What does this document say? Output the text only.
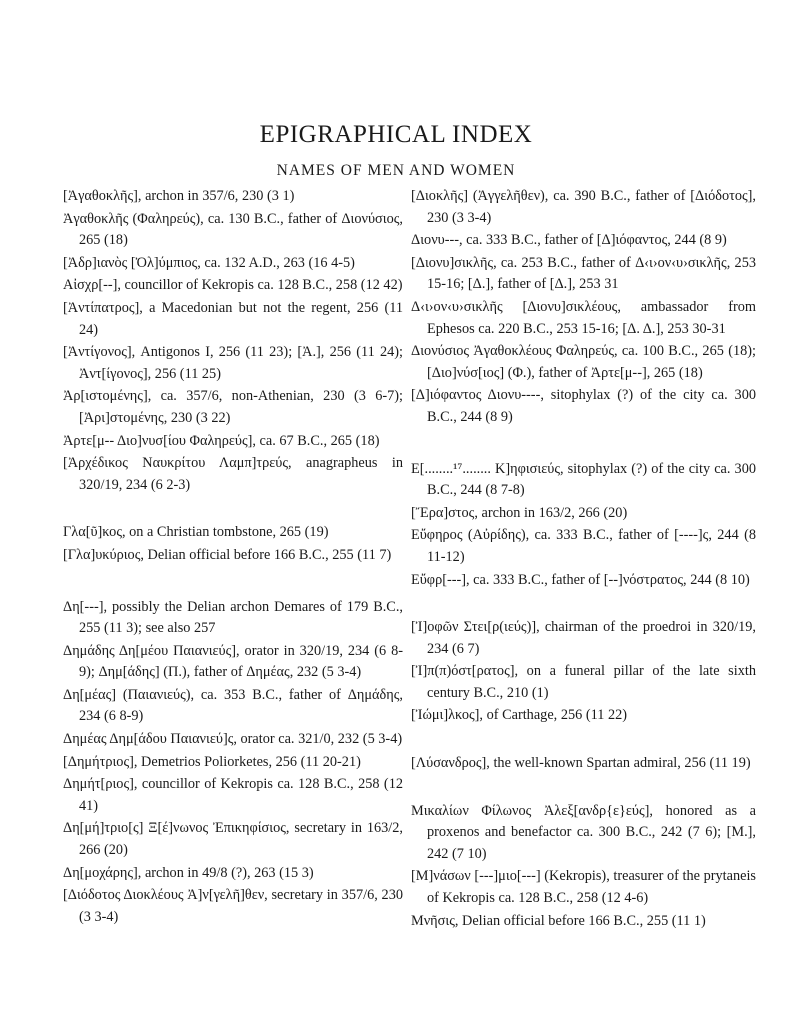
EPIGRAPHICAL INDEX
NAMES OF MEN AND WOMEN

[Ἀγαθοκλῆς], archon in 357/6, 230 (3 1)

Ἀγαθοκλῆς (Φαληρεύς), ca. 130 B.C., father of Διονύσιος, 265 (18)

[Ἀδρ]ιανὸς [Ὀλ]ύμπιος, ca. 132 A.D., 263 (16 4-5)

Αἰσχρ[--], councillor of Kekropis ca. 128 B.C., 258 (12 42)

[Ἀντίπατρος], a Macedonian but not the regent, 256 (11 24)

[Ἀντίγονος], Antigonos I, 256 (11 23); [Ἀ.], 256 (11 24); Ἀντ[ίγονος], 256 (11 25)

Ἀρ[ιστομένης], ca. 357/6, non-Athenian, 230 (3 6-7); [Ἀρι]στομένης, 230 (3 22)

Ἀρτε[μ-- Διο]νυσ[ίου Φαληρεύς], ca. 67 B.C., 265 (18)

[Ἀρχέδικος Ναυκρίτου Λαμπ]τρεύς, anagrapheus in 320/19, 234 (6 2-3)

Γλα[ῦ]κος, on a Christian tombstone, 265 (19)

[Γλα]υκύριος, Delian official before 166 B.C., 255 (11 7)

Δη[---], possibly the Delian archon Demares of 179 B.C., 255 (11 3); see also 257

Δημάδης Δη[μέου Παιανιεύς], orator in 320/19, 234 (6 8-9); Δημ[άδης] (Π.), father of Δημέας, 232 (5 3-4)

Δη[μέας] (Παιανιεύς), ca. 353 B.C., father of Δημάδης, 234 (6 8-9)

Δημέας Δημ[άδου Παιανιεύ]ς, orator ca. 321/0, 232 (5 3-4)

[Δημήτριος], Demetrios Poliorketes, 256 (11 20-21)

Δημήτ[ριος], councillor of Kekropis ca. 128 B.C., 258 (12 41)

Δη[μή]τριο[ς] Ξ[έ]νωνος Ἐπικηφίσιος, secretary in 163/2, 266 (20)

Δη[μοχάρης], archon in 49/8 (?), 263 (15 3)

[Διόδοτος Διοκλέους Ἀ]ν[γελῆ]θεν, secretary in 357/6, 230 (3 3-4)

[Διοκλῆς] (Ἀγγελῆθεν), ca. 390 B.C., father of [Διόδοτος], 230 (3 3-4)

Διονυ---, ca. 333 B.C., father of [Δ]ιόφαντος, 244 (8 9)

[Διονυ]σικλῆς, ca. 253 B.C., father of Δ‹ι›ον‹υ›σικλῆς, 253 15-16; [Δ.], father of [Δ.], 253 31

Δ‹ι›ον‹υ›σικλῆς [Διονυ]σικλέους, ambassador from Ephesos ca. 220 B.C., 253 15-16; [Δ. Δ.], 253 30-31

Διονύσιος Ἀγαθοκλέους Φαληρεύς, ca. 100 B.C., 265 (18); [Διο]νύσ[ιος] (Φ.), father of Ἀρτε[μ--], 265 (18)

[Δ]ιόφαντος Διονυ----, sitophylax (?) of the city ca. 300 B.C., 244 (8 9)

Ε[........¹⁷........ Κ]ηφισιεύς, sitophylax (?) of the city ca. 300 B.C., 244 (8 7-8)

[Ἔρα]στος, archon in 163/2, 266 (20)

Εὔφηρος (Αὐρίδης), ca. 333 B.C., father of [----]ς, 244 (8 11-12)

Εὔφρ[---], ca. 333 B.C., father of [--]νόστρατος, 244 (8 10)

[Ἰ]οφῶν Στει[ρ(ιεύς)], chairman of the proedroi in 320/19, 234 (6 7)

[Ἰ]π(π)όστ[ρατος], on a funeral pillar of the late sixth century B.C., 210 (1)

[Ἰώμι]λκος], of Carthage, 256 (11 22)

[Λύσανδρος], the well-known Spartan admiral, 256 (11 19)

Μικαλίων Φίλωνος Ἀλεξ[ανδρ{ε}εύς], honored as a proxenos and benefactor ca. 300 B.C., 242 (7 6); [Μ.], 242 (7 10)

[Μ]νάσων [---]μιο[---] (Kekropis), treasurer of the prytaneis of Kekropis ca. 128 B.C., 258 (12 4-6)

Μνῆσις, Delian official before 166 B.C., 255 (11 1)
